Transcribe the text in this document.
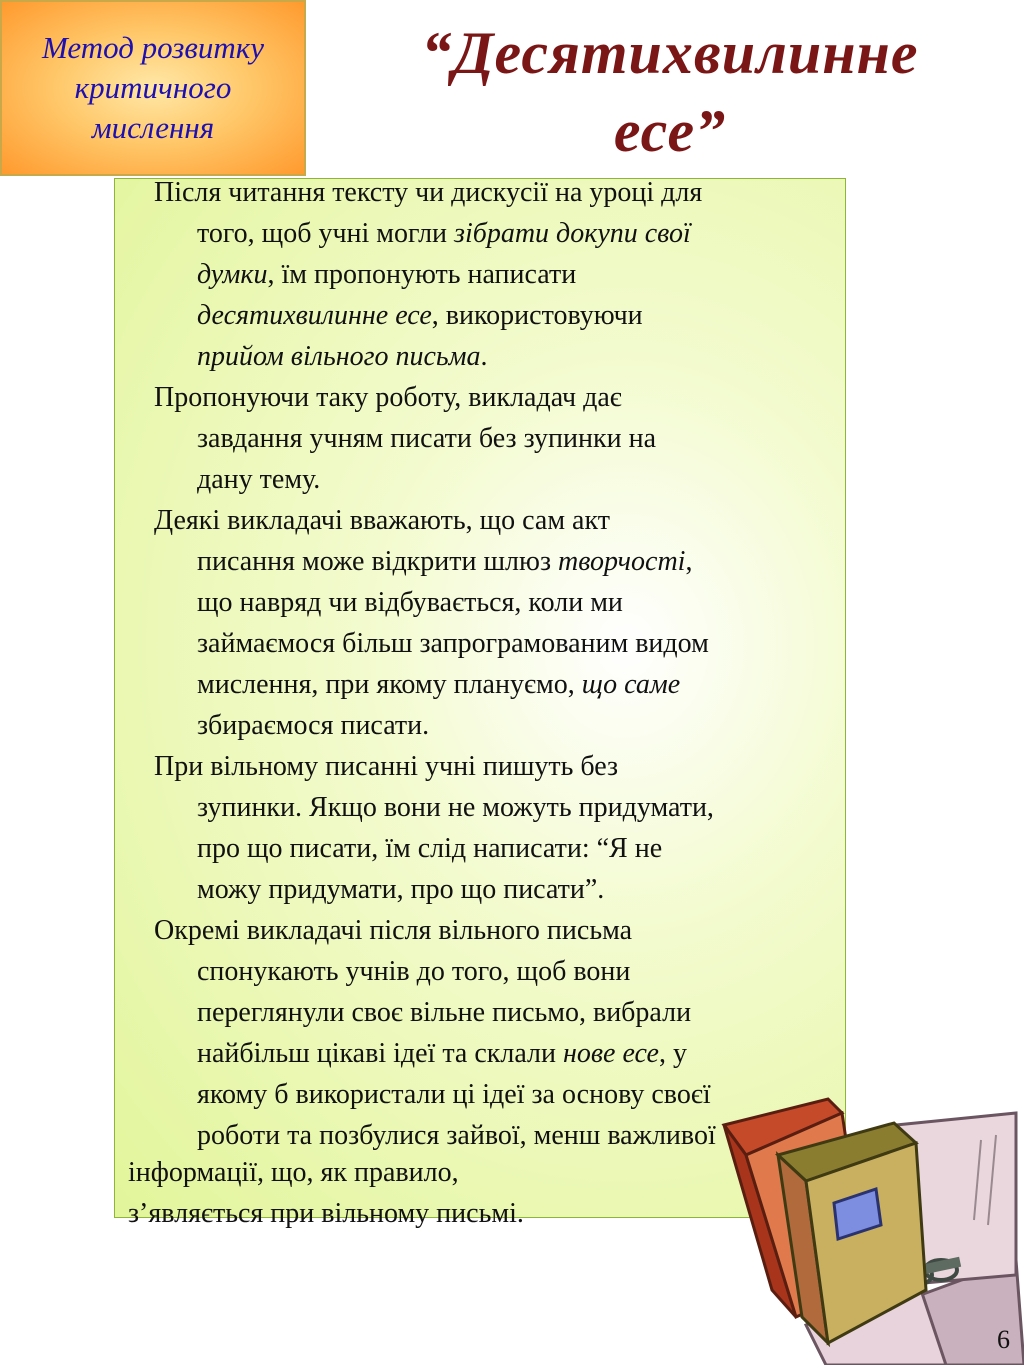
Метод розвитку
критичного
мислення
“Десятихвилинне
есе”
Після читання тексту чи дискусії на уроці для
того, щоб учні могли зібрати докупи свої
думки, їм пропонують написати
десятихвилинне есе, використовуючи
прийом вільного письма.
Пропонуючи таку роботу, викладач дає
завдання учням писати без зупинки на
дану тему.
Деякі викладачі вважають, що сам акт
писання може відкрити шлюз творчості,
що навряд чи відбувається, коли ми
займаємося більш запрограмованим видом
мислення, при якому плануємо, що саме
збираємося писати.
При вільному писанні учні пишуть без
зупинки. Якщо вони не можуть придумати,
про що писати, їм слід написати: “Я не
можу придумати, про що писати”.
Окремі викладачі після вільного письма
спонукають учнів до того, щоб вони
переглянули своє вільне письмо, вибрали
найбільш цікаві ідеї та склали нове есе, у
якому б використали ці ідеї за основу своєї
роботи та позбулися зайвої, менш важливої
інформації, що, як правило,
з’являється при вільному письмі.
6
